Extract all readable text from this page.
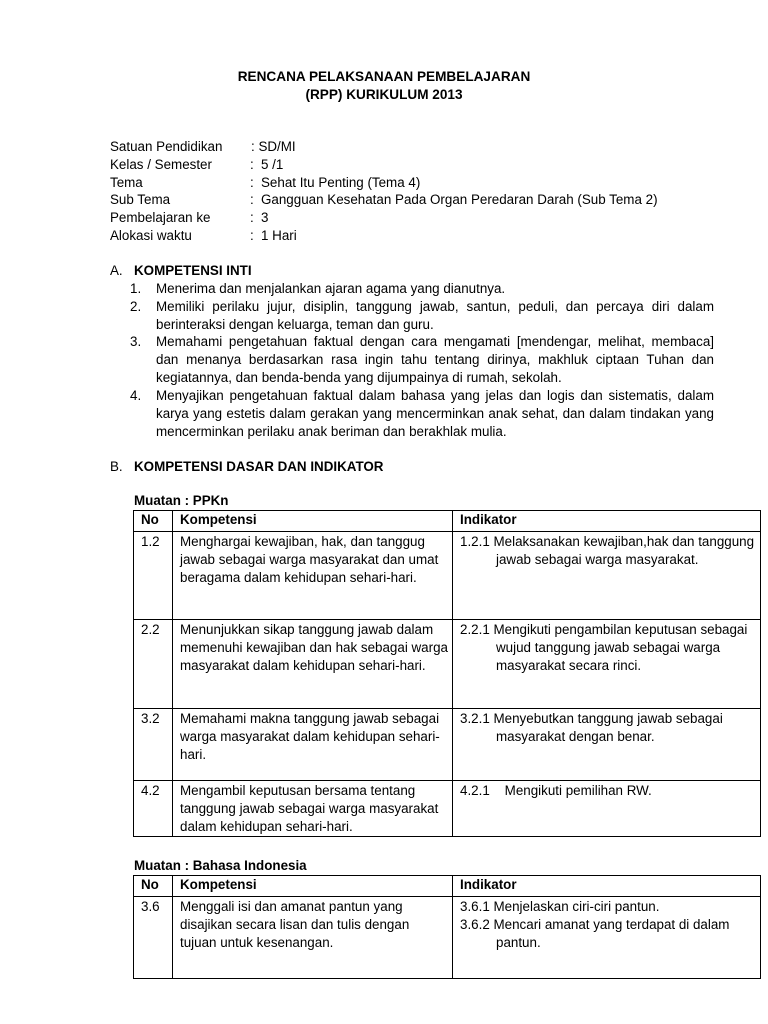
RENCANA PELAKSANAAN PEMBELAJARAN
(RPP) KURIKULUM 2013
Satuan Pendidikan : SD/MI
Kelas / Semester	: 5 /1
Tema	: Sehat Itu Penting (Tema 4)
Sub Tema	: Gangguan Kesehatan Pada Organ Peredaran Darah (Sub Tema 2)
Pembelajaran ke	: 3
Alokasi waktu	: 1 Hari
A. KOMPETENSI INTI
1. Menerima dan menjalankan ajaran agama yang dianutnya.
2. Memiliki perilaku jujur, disiplin, tanggung jawab, santun, peduli, dan percaya diri dalam berinteraksi dengan keluarga, teman dan guru.
3. Memahami pengetahuan faktual dengan cara mengamati [mendengar, melihat, membaca] dan menanya berdasarkan rasa ingin tahu tentang dirinya, makhluk ciptaan Tuhan dan kegiatannya, dan benda-benda yang dijumpainya di rumah, sekolah.
4. Menyajikan pengetahuan faktual dalam bahasa yang jelas dan logis dan sistematis, dalam karya yang estetis dalam gerakan yang mencerminkan anak sehat, dan dalam tindakan yang mencerminkan perilaku anak beriman dan berakhlak mulia.
B. KOMPETENSI DASAR DAN INDIKATOR
Muatan : PPKn
No	Kompetensi	Indikator
1.2	Menghargai kewajiban, hak, dan tanggug jawab sebagai warga masyarakat dan umat beragama dalam kehidupan sehari-hari.	1.2.1 Melaksanakan kewajiban,hak dan tanggung jawab sebagai warga masyarakat.

2.2	Menunjukkan sikap tanggung jawab dalam memenuhi kewajiban dan hak sebagai warga masyarakat dalam kehidupan sehari-hari.	2.2.1 Mengikuti pengambilan keputusan sebagai wujud tanggung jawab sebagai warga masyarakat secara rinci.

3.2	Memahami makna tanggung jawab sebagai warga masyarakat dalam kehidupan sehari-hari.	3.2.1 Menyebutkan tanggung jawab sebagai masyarakat dengan benar.

4.2	Mengambil keputusan bersama tentang tanggung jawab sebagai warga masyarakat dalam kehidupan sehari-hari.	4.2.1    Mengikuti pemilihan RW.
Muatan : Bahasa Indonesia
No	Kompetensi	Indikator
3.6	Menggali isi dan amanat pantun yang disajikan secara lisan dan tulis dengan tujuan untuk kesenangan.	3.6.1 Menjelaskan ciri-ciri pantun.
3.6.2 Mencari amanat yang terdapat di dalam pantun.
